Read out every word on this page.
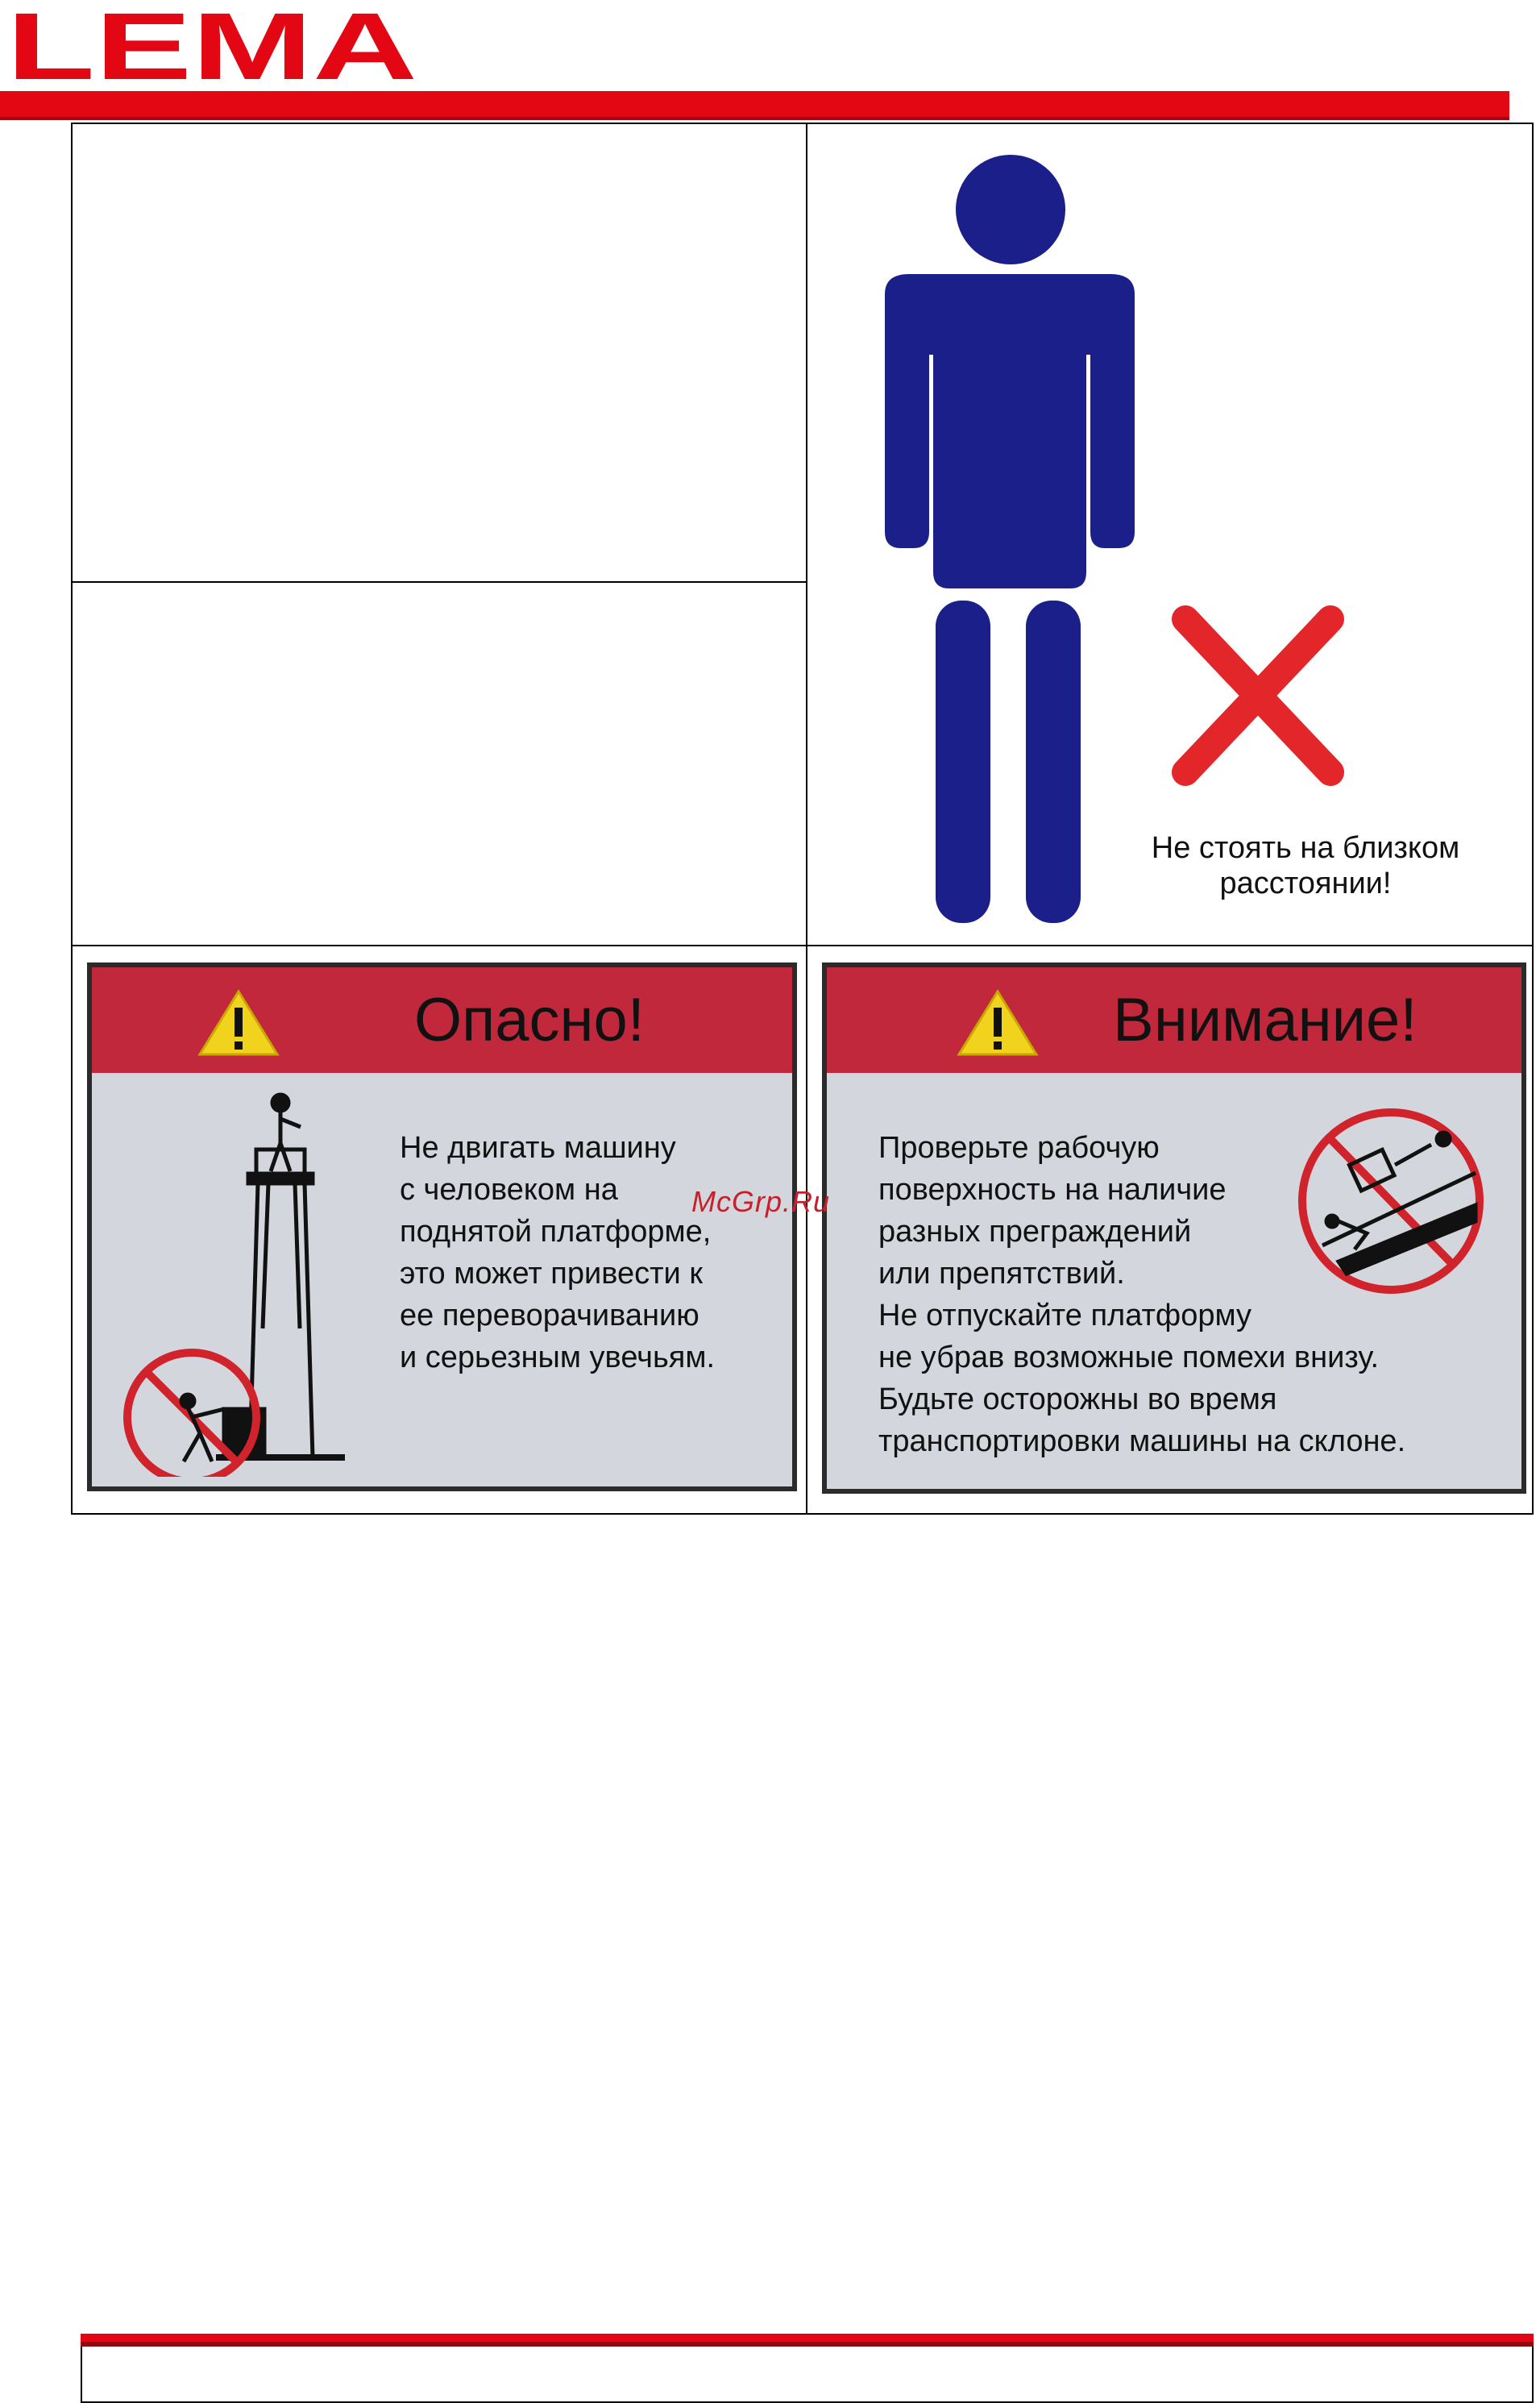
LEMA
Не стоять на близком
расстоянии!
Опасно!
Не двигать машину
с человеком на
поднятой платформе,
это может привести к
ее переворачиванию
и серьезным увечьям.
Внимание!
Проверьте рабочую
поверхность на наличие
разных преграждений
или препятствий.
Не отпускайте платформу
не убрав возможные помехи внизу.
Будьте осторожны во время
транспортировки машины на склоне.
McGrp.Ru
